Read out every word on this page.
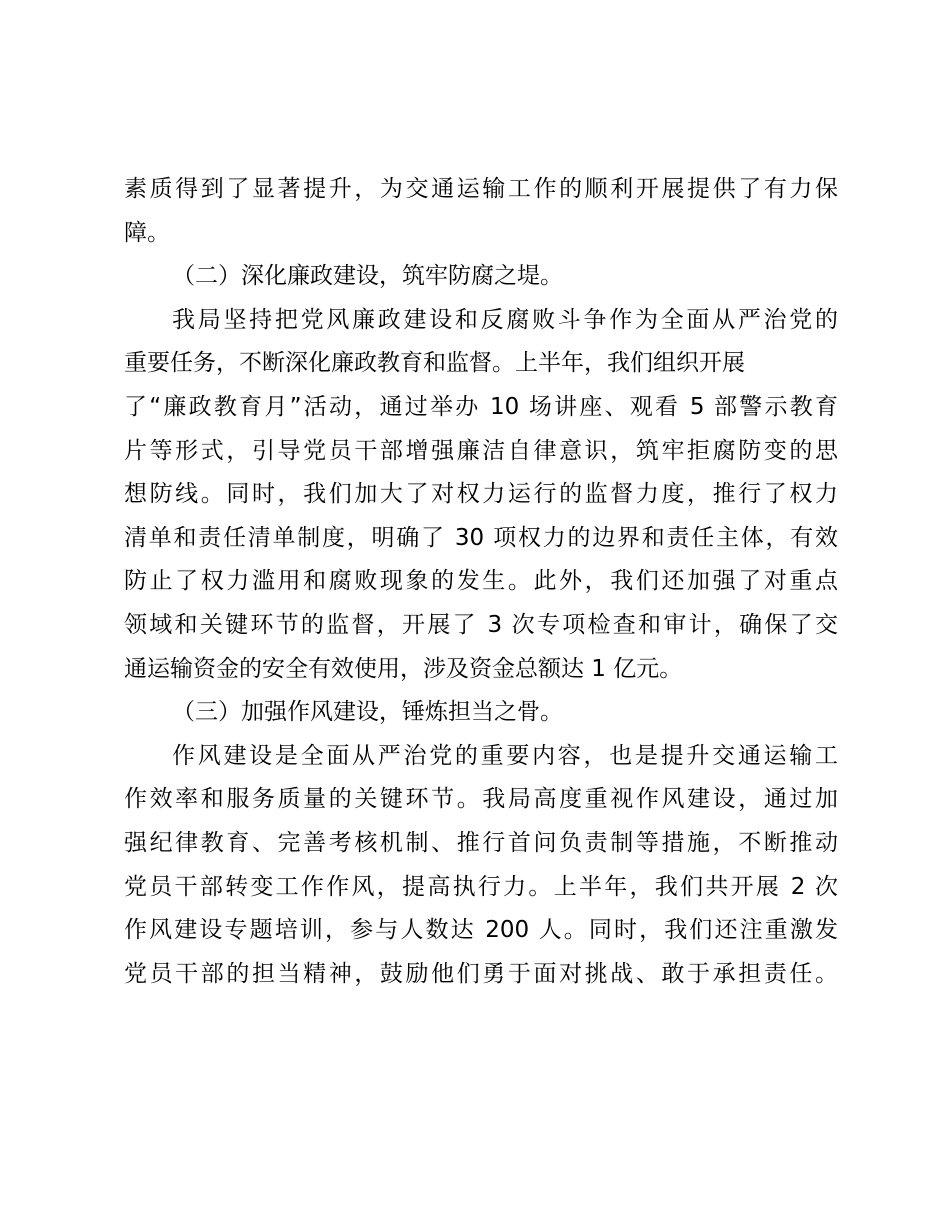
素质得到了显著提升，为交通运输工作的顺利开展提供了有力保
障。
（二）深化廉政建设，筑牢防腐之堤。
我局坚持把党风廉政建设和反腐败斗争作为全面从严治党的
重要任务，不断深化廉政教育和监督。上半年，我们组织开展
了“廉政教育月”活动，通过举办 10 场讲座、观看 5 部警示教育
片等形式，引导党员干部增强廉洁自律意识，筑牢拒腐防变的思
想防线。同时，我们加大了对权力运行的监督力度，推行了权力
清单和责任清单制度，明确了 30 项权力的边界和责任主体，有效
防止了权力滥用和腐败现象的发生。此外，我们还加强了对重点
领域和关键环节的监督，开展了 3 次专项检查和审计，确保了交
通运输资金的安全有效使用，涉及资金总额达 1 亿元。
（三）加强作风建设，锤炼担当之骨。
作风建设是全面从严治党的重要内容，也是提升交通运输工
作效率和服务质量的关键环节。我局高度重视作风建设，通过加
强纪律教育、完善考核机制、推行首问负责制等措施，不断推动
党员干部转变工作作风，提高执行力。上半年，我们共开展 2 次
作风建设专题培训，参与人数达 200 人。同时，我们还注重激发
党员干部的担当精神，鼓励他们勇于面对挑战、敢于承担责任。
